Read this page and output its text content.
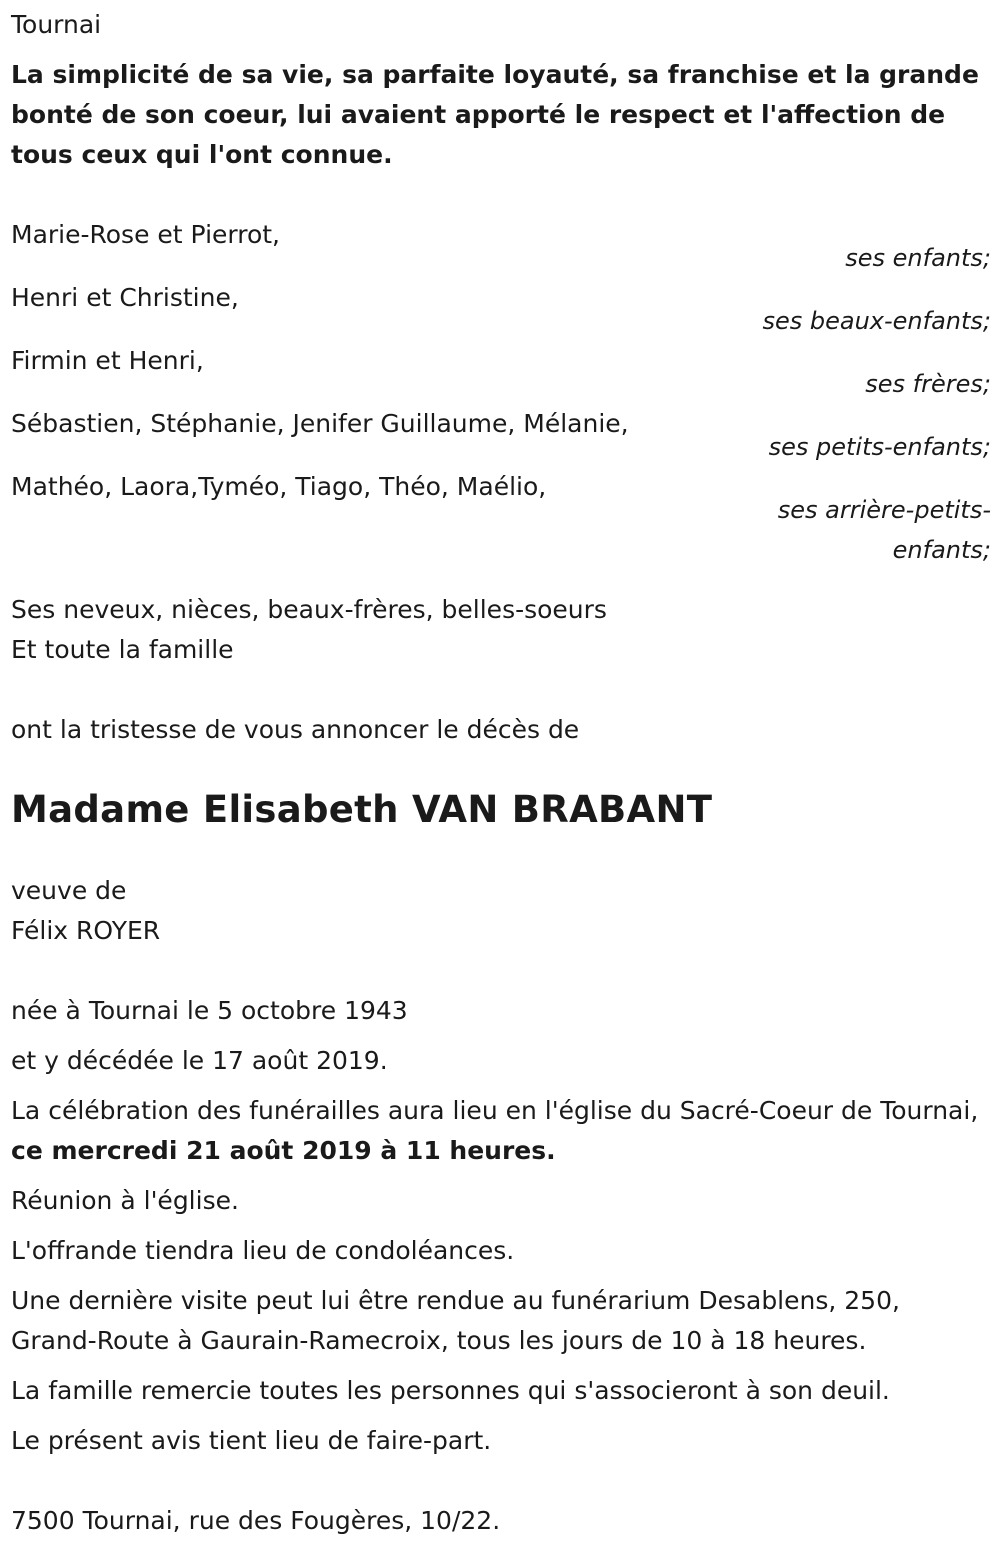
Tournai

La simplicité de sa vie, sa parfaite loyauté, sa franchise et la grande bonté de son coeur, lui avaient apporté le respect et l'affection de tous ceux qui l'ont connue.

Marie-Rose et Pierrot,
ses enfants;
Henri et Christine,
ses beaux-enfants;
Firmin et Henri,
ses frères;
Sébastien, Stéphanie, Jenifer Guillaume, Mélanie,
ses petits-enfants;
Mathéo, Laora,Tyméo, Tiago, Théo, Maélio,
ses arrière-petits-
enfants;

Ses neveux, nièces, beaux-frères, belles-soeurs

Et toute la famille

ont la tristesse de vous annoncer le décès de

Madame Elisabeth VAN BRABANT

veuve de

Félix ROYER

née à Tournai le 5 octobre 1943

et y décédée le 17 août 2019.

La célébration des funérailles aura lieu en l'église du Sacré-Coeur de Tournai, ce mercredi 21 août 2019 à 11 heures.

Réunion à l'église.

L'offrande tiendra lieu de condoléances.

Une dernière visite peut lui être rendue au funérarium Desablens, 250, Grand-Route à Gaurain-Ramecroix, tous les jours de 10 à 18 heures.

La famille remercie toutes les personnes qui s'associeront à son deuil.

Le présent avis tient lieu de faire-part.

7500 Tournai, rue des Fougères, 10/22.
